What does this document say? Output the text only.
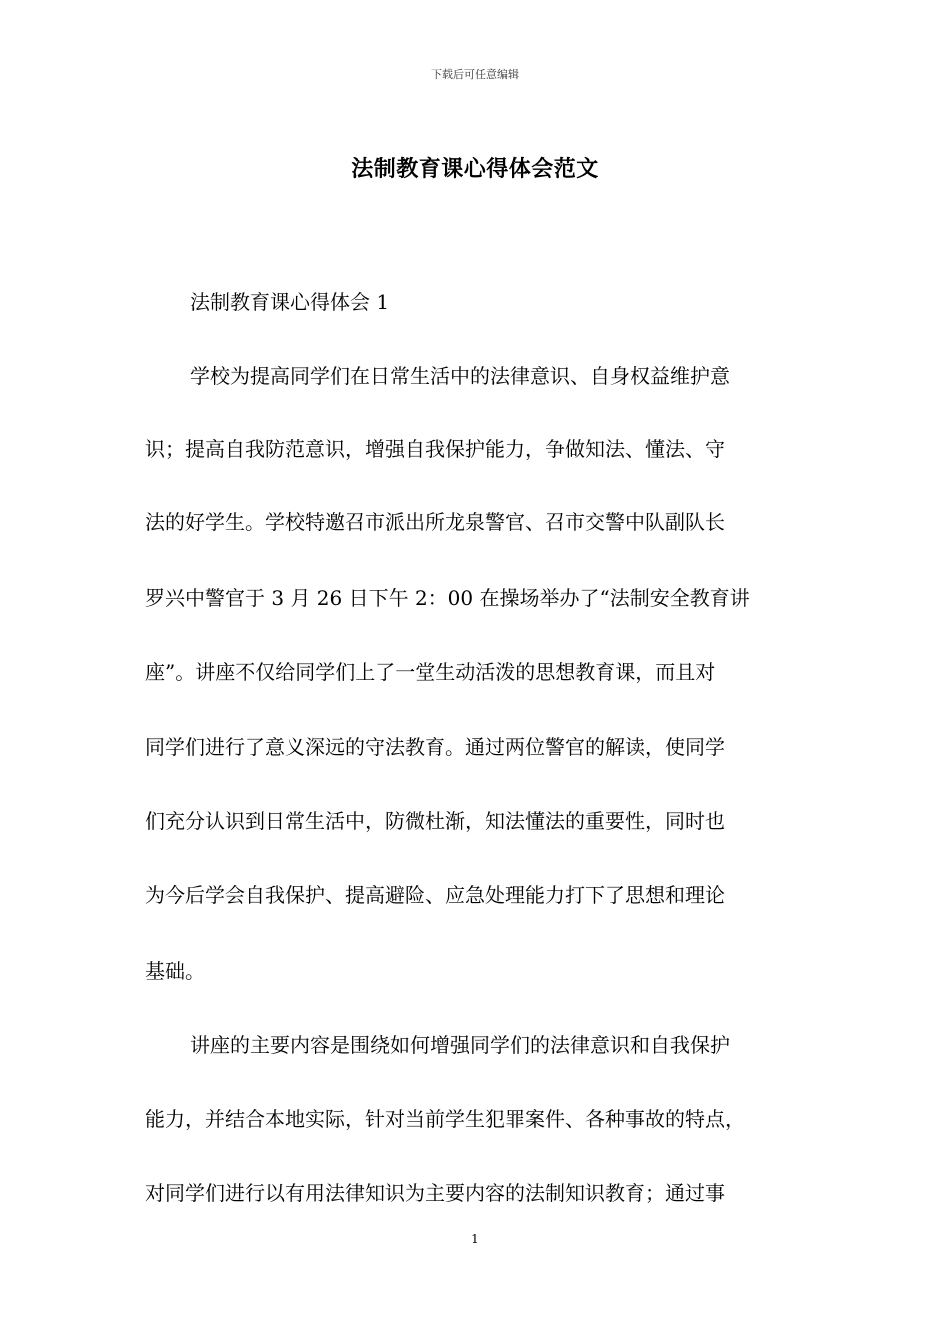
下载后可任意编辑
法制教育课心得体会范文
法制教育课心得体会 1
学校为提高同学们在日常生活中的法律意识、自身权益维护意
识；提高自我防范意识，增强自我保护能力，争做知法、懂法、守
法的好学生。学校特邀召市派出所龙泉警官、召市交警中队副队长
罗兴中警官于 3 月 26 日下午 2：00 在操场举办了“法制安全教育讲
座”。讲座不仅给同学们上了一堂生动活泼的思想教育课，而且对
同学们进行了意义深远的守法教育。通过两位警官的解读，使同学
们充分认识到日常生活中，防微杜渐，知法懂法的重要性，同时也
为今后学会自我保护、提高避险、应急处理能力打下了思想和理论
基础。
讲座的主要内容是围绕如何增强同学们的法律意识和自我保护
能力，并结合本地实际，针对当前学生犯罪案件、各种事故的特点，
对同学们进行以有用法律知识为主要内容的法制知识教育；通过事
1
